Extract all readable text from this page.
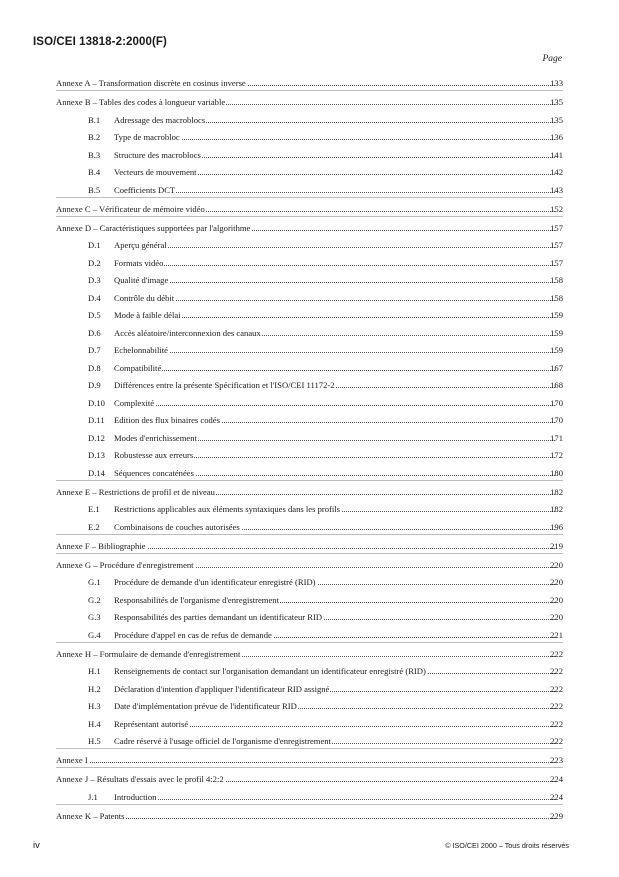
ISO/CEI 13818-2:2000(F)
Page
Annexe A – Transformation discrète en cosinus inverse	133
Annexe B – Tables des codes à longueur variable	135
B.1 Adressage des macroblocs	135
B.2 Type de macrobloc	136
B.3 Structure des macroblocs	141
B.4 Vecteurs de mouvement	142
B.5 Coefficients DCT	143
Annexe C – Vérificateur de mémoire vidéo	152
Annexe D – Caractéristiques supportées par l'algorithme	157
D.1 Aperçu général	157
D.2 Formats vidéo	157
D.3 Qualité d'image	158
D.4 Contrôle du débit	158
D.5 Mode à faible délai	159
D.6 Accès aléatoire/interconnexion des canaux	159
D.7 Echelonnabilité	159
D.8 Compatibilité	167
D.9 Différences entre la présente Spécification et l'ISO/CEI 11172-2	168
D.10 Complexité	170
D.11 Edition des flux binaires codés	170
D.12 Modes d'enrichissement	171
D.13 Robustesse aux erreurs	172
D.14 Séquences concaténées	180
Annexe E – Restrictions de profil et de niveau	182
E.1 Restrictions applicables aux éléments syntaxiques dans les profils	182
E.2 Combinaisons de couches autorisées	196
Annexe F – Bibliographie	219
Annexe G – Procédure d'enregistrement	220
G.1 Procédure de demande d'un identificateur enregistré (RID)	220
G.2 Responsabilités de l'organisme d'enregistrement	220
G.3 Responsabilités des parties demandant un identificateur RID	220
G.4 Procédure d'appel en cas de refus de demande	221
Annexe H – Formulaire de demande d'enregistrement	222
H.1 Renseignements de contact sur l'organisation demandant un identificateur enregistré (RID)	222
H.2 Déclaration d'intention d'appliquer l'identificateur RID assigné	222
H.3 Date d'implémentation prévue de l'identificateur RID	222
H.4 Représentant autorisé	222
H.5 Cadre réservé à l'usage officiel de l'organisme d'enregistrement	222
Annexe I	223
Annexe J – Résultats d'essais avec le profil 4:2:2	224
J.1 Introduction	224
Annexe K – Patents	229
iv	© ISO/CEI 2000 – Tous droits réservés
